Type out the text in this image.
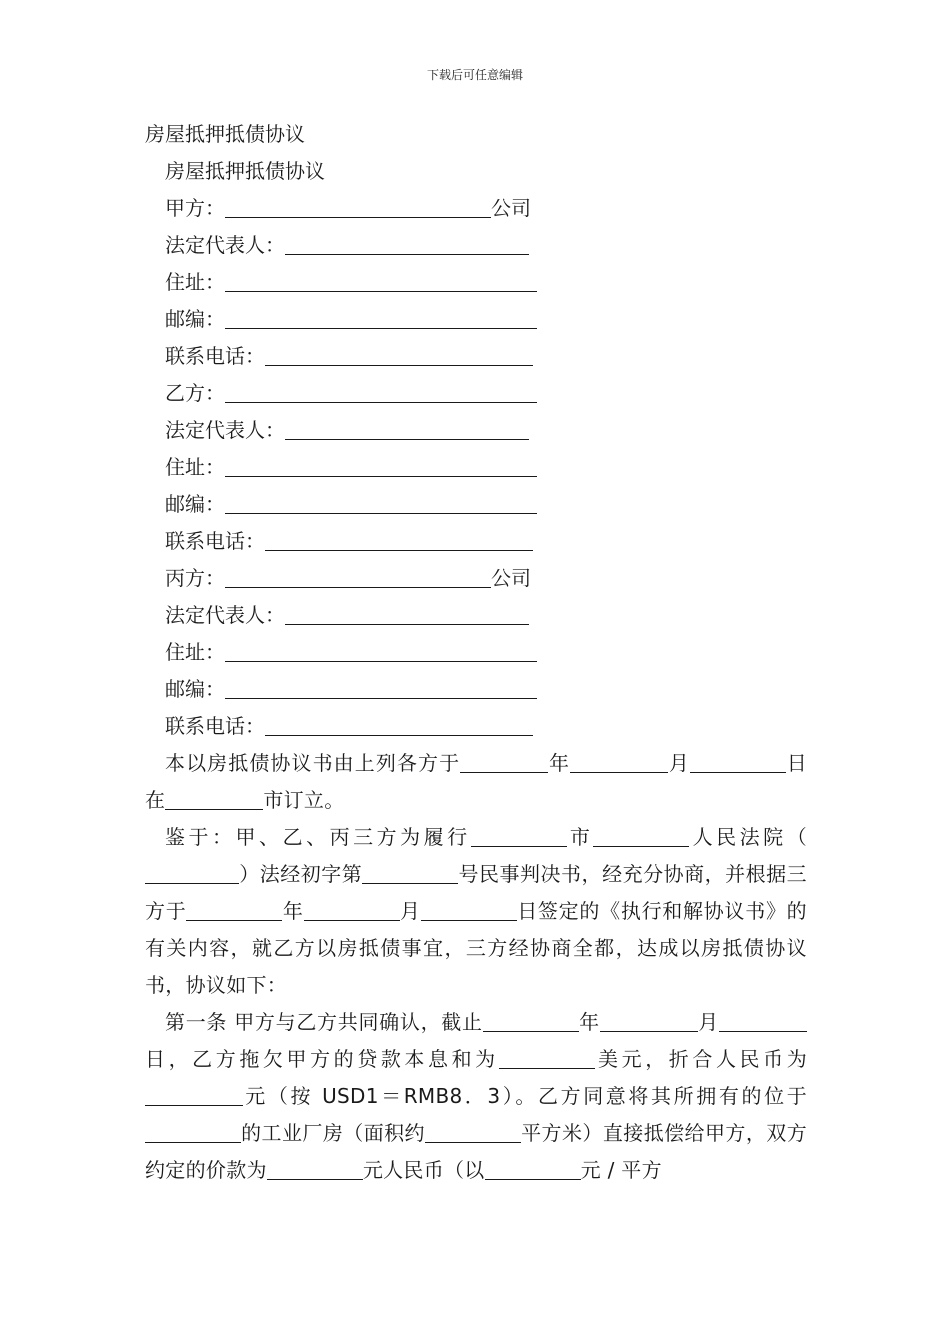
下载后可任意编辑
房屋抵押抵债协议
房屋抵押抵债协议
甲方：	公司
法定代表人：
住址：
邮编：
联系电话：
乙方：
法定代表人：
住址：
邮编：
联系电话：
丙方：	公司
法定代表人：
住址：
邮编：
联系电话：

本以房抵债协议书由上列各方于	年	月	日在	市订立。

鉴于：甲、乙、丙三方为履行	市	人民法院（）法经初字第	号民事判决书，经充分协商，并根据三方于	年	月	日签定的《执行和解协议书》的有关内容，就乙方以房抵债事宜，三方经协商全都，达成以房抵债协议书，协议如下：

第一条 甲方与乙方共同确认，截止	年	月日，乙方拖欠甲方的贷款本息和为	美元，折合人民币为元（按 USD1＝RMB8．3）。乙方同意将其所拥有的位于的工业厂房（面积约	平方米）直接抵偿给甲方，双方约定的价款为	元人民币（以	元 / 平方
